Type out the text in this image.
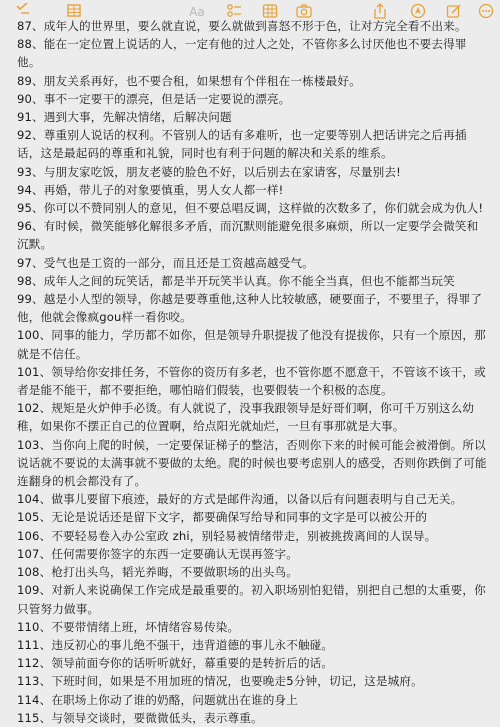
Aa

87、成年人的世界里，要么就直说，要么就做到喜怒不形于色，让对方完全看不出来。

88、能在一定位置上说话的人，一定有他的过人之处，不管你多么讨厌他也不要去得罪他。

89、朋友关系再好，也不要合租，如果想有个伴租在一栋楼最好。

90、事不一定要干的漂亮，但是话一定要说的漂亮。

91、遇到大事，先解决情绪，后解决问题

92、尊重别人说话的权利。不管别人的话有多难听，也一定要等别人把话讲完之后再插话，这是最起码的尊重和礼貌，同时也有利于问题的解决和关系的维系。

93、与朋友家吃饭，朋友老婆的脸色不好，以后别去在家请客，尽量别去!

94、再婚，带儿子的对象要慎重，男人女人都一样!

95、你可以不赞同别人的意见，但不要总唱反调，这样做的次数多了，你们就会成为仇人!

96、有时候，微笑能够化解很多矛盾，而沉默则能避免很多麻烦，所以一定要学会微笑和沉默。

97、受气也是工资的一部分，而且还是工资越高越受气。

98、成年人之间的玩笑话，都是半开玩笑半认真。你不能全当真，但也不能都当玩笑

99、越是小人型的领导，你越是要尊重他,这种人比较敏感，硬要面子，不要里子，得罪了他，他就会像疯gou样一看你咬。

100、同事的能力，学历都不如你，但是领导升职提拔了他没有提拔你，只有一个原因，那就是不信任。

101、领导给你安排任务，不管你的资历有多老，也不管你愿不愿意干，不管该不该干，或者是能不能干，都不要拒绝，哪怕暗们假装，也要假装一个积极的态度。

102、规矩是火炉伸手必烫。有人就说了，没事我跟领导是好哥们啊，你可千万别这么幼稚，如果你不摆正自己的位置啊，给点阳光就灿烂，一旦有事那就是大事。

103、当你向上爬的时候，一定要保证梯子的整洁，否则你下来的时候可能会被滑倒。所以说话就不要说的太满事就不要做的太绝。爬的时候也要考虑别人的感受，否则你跌倒了可能连翻身的机会都没有了。

104、做事儿要留下痕迹，最好的方式是邮件沟通，以备以后有问题表明与自己无关。

105、无论是说话还是留下文字，都要确保写给导和同事的文字是可以被公开的

106、不要轻易卷入办公室政 zhi，别轻易被情绪带走，别被挑拨离间的人误导。

107、任何需要你签字的东西一定要确认无误再签字。

108、枪打出头鸟，韬光养晦，不要做职场的出头鸟。

109、对新人来说确保工作完成是最重要的。初入职场别怕犯错，别把自己想的太重要，你只管努力做事。

110、不要带情绪上班，坏情绪容易传染。

111、违反初心的事儿绝不强干，违背道德的事儿永不触碰。

112、领导前面夸你的话听听就好，幕重要的是转折后的话。

113、下班时间，如果是不用加班的情况，也要晚走5分钟，切记，这是城府。

114、在职场上你动了谁的奶酪，问题就出在谁的身上

115、与领导交谈时，要微微低头，表示尊重。
